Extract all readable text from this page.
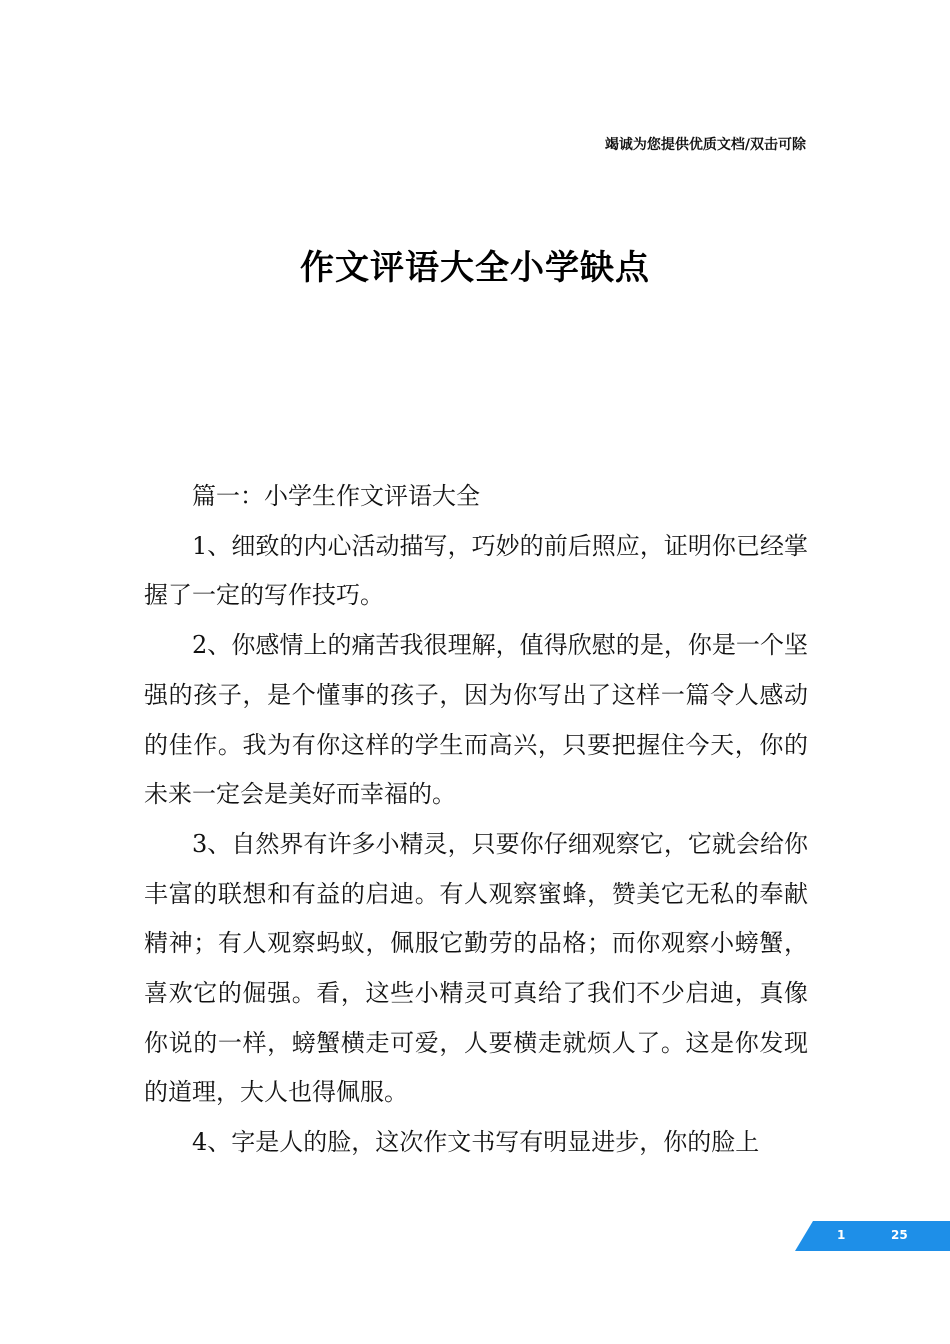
竭诚为您提供优质文档/双击可除
作文评语大全小学缺点

篇一：小学生作文评语大全

1、细致的内心活动描写，巧妙的前后照应，证明你已经掌握了一定的写作技巧。

2、你感情上的痛苦我很理解，值得欣慰的是，你是一个坚强的孩子，是个懂事的孩子，因为你写出了这样一篇令人感动的佳作。我为有你这样的学生而高兴，只要把握住今天，你的未来一定会是美好而幸福的。

3、自然界有许多小精灵，只要你仔细观察它，它就会给你丰富的联想和有益的启迪。有人观察蜜蜂，赞美它无私的奉献精神；有人观察蚂蚁，佩服它勤劳的品格；而你观察小螃蟹，喜欢它的倔强。看，这些小精灵可真给了我们不少启迪，真像你说的一样，螃蟹横走可爱，人要横走就烦人了。这是你发现的道理，大人也得佩服。

4、字是人的脸，这次作文书写有明显进步，你的脸上

1	25
